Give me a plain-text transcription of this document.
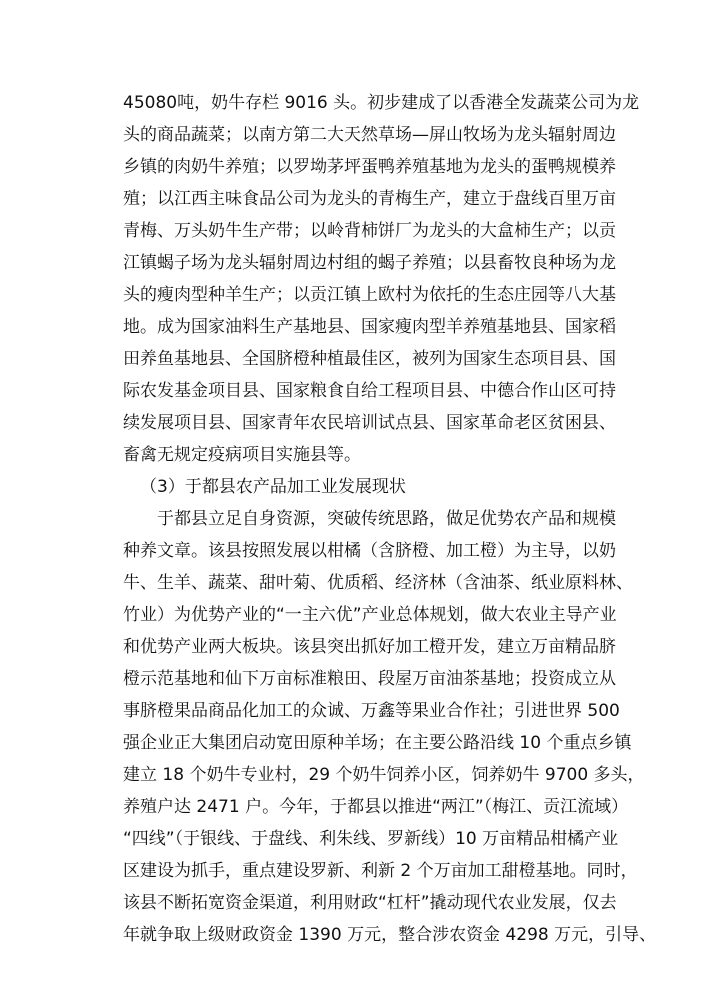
45080吨，奶牛存栏 9016 头。初步建成了以香港全发蔬菜公司为龙
头的商品蔬菜；以南方第二大天然草场—屏山牧场为龙头辐射周边
乡镇的肉奶牛养殖；以罗坳茅坪蛋鸭养殖基地为龙头的蛋鸭规模养
殖；以江西主味食品公司为龙头的青梅生产，建立于盘线百里万亩
青梅、万头奶牛生产带；以岭背柿饼厂为龙头的大盒柿生产；以贡
江镇蝎子场为龙头辐射周边村组的蝎子养殖；以县畜牧良种场为龙
头的瘦肉型种羊生产；以贡江镇上欧村为依托的生态庄园等八大基
地。成为国家油料生产基地县、国家瘦肉型羊养殖基地县、国家稻
田养鱼基地县、全国脐橙种植最佳区，被列为国家生态项目县、国
际农发基金项目县、国家粮食自给工程项目县、中德合作山区可持
续发展项目县、国家青年农民培训试点县、国家革命老区贫困县、
畜禽无规定疫病项目实施县等。
（3）于都县农产品加工业发展现状
于都县立足自身资源，突破传统思路，做足优势农产品和规模
种养文章。该县按照发展以柑橘（含脐橙、加工橙）为主导，以奶
牛、生羊、蔬菜、甜叶菊、优质稻、经济林（含油茶、纸业原料林、
竹业）为优势产业的“一主六优”产业总体规划，做大农业主导产业
和优势产业两大板块。该县突出抓好加工橙开发，建立万亩精品脐
橙示范基地和仙下万亩标准粮田、段屋万亩油茶基地；投资成立从
事脐橙果品商品化加工的众诚、万鑫等果业合作社；引进世界 500
强企业正大集团启动宽田原种羊场；在主要公路沿线 10 个重点乡镇
建立 18 个奶牛专业村，29 个奶牛饲养小区，饲养奶牛 9700 多头，
养殖户达 2471 户。今年，于都县以推进“两江”（梅江、贡江流域）
“四线”（于银线、于盘线、利朱线、罗新线）10 万亩精品柑橘产业
区建设为抓手，重点建设罗新、利新 2 个万亩加工甜橙基地。同时，
该县不断拓宽资金渠道，利用财政“杠杆”撬动现代农业发展，仅去
年就争取上级财政资金 1390 万元，整合涉农资金 4298 万元，引导、
